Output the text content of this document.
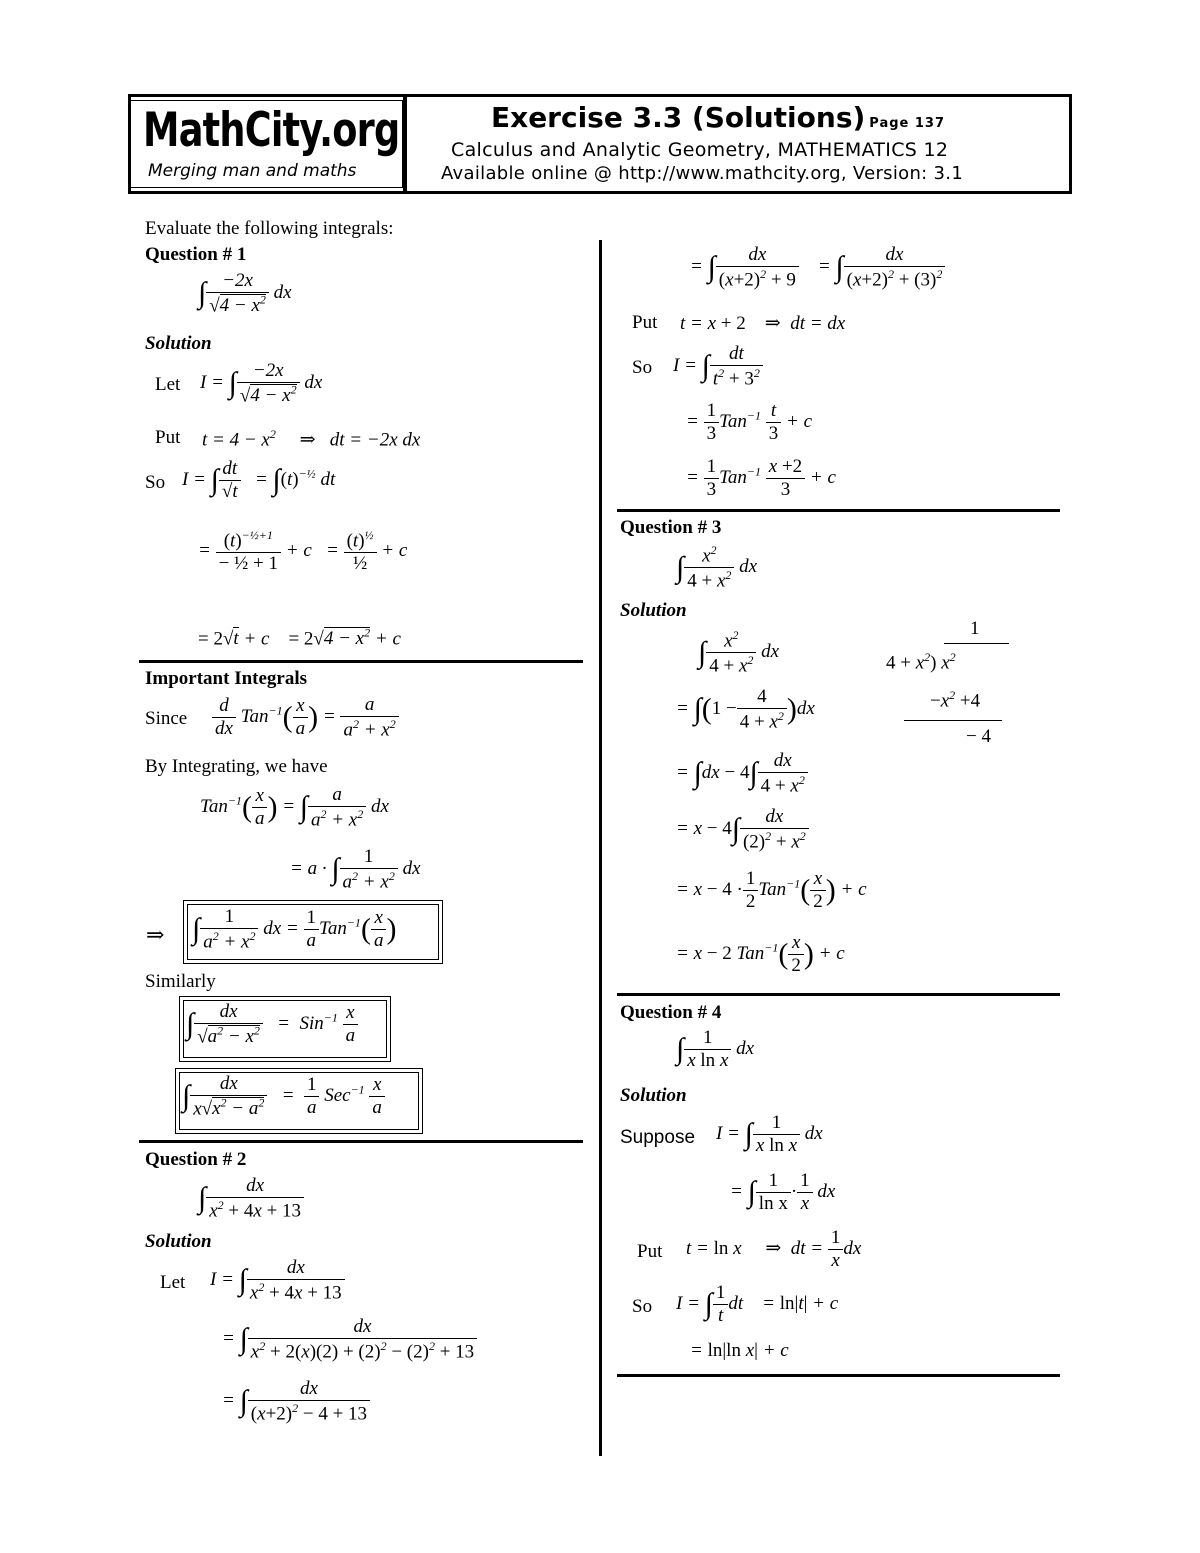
MathCity.org
Merging man and maths
Exercise 3.3 (Solutions) Page 137
Calculus and Analytic Geometry, MATHEMATICS 12
Available online @ http://www.mathcity.org, Version: 3.1
Evaluate the following integrals:
Question # 1
∫ $\frac{-2x}{√4 - x^2}$ dx
Solution
Let I = ∫ $\frac{-2x}{√4 - x^2}$ dx
Put $t = 4 - x^2$ ⇒   dt = −2x dx
So I = ∫ $\frac{dt}{√t} = \int(t)^{-\frac{1}{2}}$ dt
= $\frac{(t)^{-\frac{1}{2}+1}}{\text{− ½ + 1}} + c = \frac{(t)^{\frac{1}{2}}}{\text{½}} + c$
= 2√t + c    = $2√4 - x^2 + c$
Important Integrals
Since $\frac{d}{dx} Tan^{-1}( \frac{x}{a}$ ) = $\frac{a}{a^2 + x^2}$
By Integrating, we have
$Tan^{-1}( \frac{x}{a}$ ) = ∫ $\frac{a}{a^2 + x^2}$ dx
= a · ∫ $\frac{1}{a^2 + x^2}$ dx
⇒ ∫ $\frac{1}{a^2 + x^2}$ dx = $\frac{1}{a} Tan^{-1}( \frac{x}{a}$ )
Similarly
∫ $\frac{dx}{√a^2 - x^2} = Sin^{-1} \frac{x}{a}$
∫ $\frac{dx}{x√x^2 - a^2} = \frac{1}{a} Sec^{-1} \frac{x}{a}$
Question # 2
∫ $\frac{dx}{x^2 + 4x + 13}$
Solution
Let I = ∫ $\frac{dx}{x^2 + 4x + 13}$
= ∫ $\frac{dx}{x^2 + 2(x)(2) + (2)^2 - (2)^2 + 13}$
= ∫ $\frac{dx}{(x+2)^2 - 4 + 13}$
= ∫ $\frac{dx}{(x+2)^2 + 9}$ = ∫ $\frac{dx}{(x+2)^2 + (3)^2}$
Put t = x + 2 ⇒  dt = dx
So I = ∫ $\frac{dt}{t^2 + 3^2}$
= $\frac{1}{3} Tan^{-1} \frac{t}{3} + c$
= $\frac{1}{3} Tan^{-1} \frac{x +2}{3} + c$
Question # 3
∫ $\frac{x^2}{4 + x^2}$ dx
Solution
∫ $\frac{x^2}{4 + x^2}$ dx
1
$4 + x^2$) $x^2$
$-x^2 +4$
− 4
= $\int(1 - \frac{4}{4 + x^2} )dx$
= $\int dx - 4\int \frac{dx}{4 + x^2}$
= $x - 4\int \frac{dx}{(2)^2 + x^2}$
= $x - 4 \cdot \frac{1}{2} Tan^{-1}( \frac{x}{2}$ ) + c
= x − 2 $Tan^{-1}( \frac{x}{2}$ ) + c
Question # 4
∫ $\frac{1}{\text{x ln x}}$ dx
Solution
Suppose I = ∫ $\frac{1}{\text{x ln x}}$ dx
= ∫ $\frac{1}{\text{ln x}} \cdot \frac{1}{x}$ dx
Put t = ln x     ⇒  dt = $\frac{1}{x}$ dx
So I = ∫ $\frac{1}{t}$ dt    = ln|t| + c
= ln|ln x| + c
